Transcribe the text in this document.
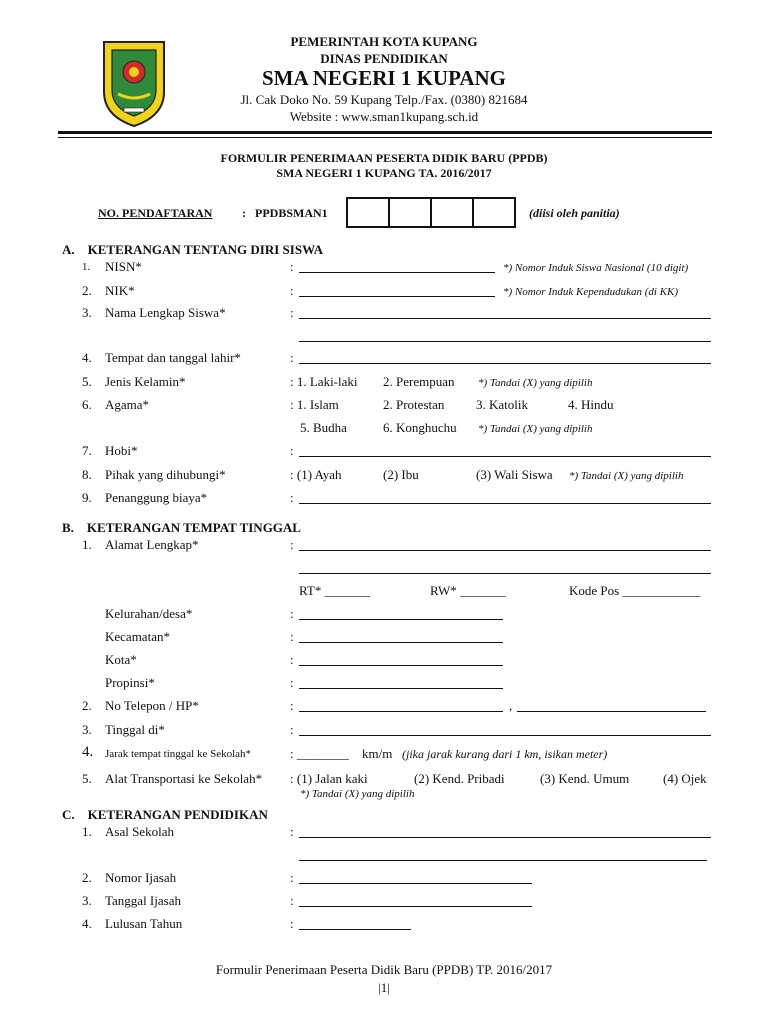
PEMERINTAH KOTA KUPANG
DINAS PENDIDIKAN
SMA NEGERI 1 KUPANG
Jl. Cak Doko No. 59 Kupang Telp./Fax. (0380) 821684
Website : www.sman1kupang.sch.id
FORMULIR PENERIMAAN PESERTA DIDIK BARU (PPDB)
SMA NEGERI 1 KUPANG TA. 2016/2017
NO. PENDAFTARAN : PPDBSMAN1	(diisi oleh panitia)
A. KETERANGAN TENTANG DIRI SISWA
1. NISN*	:	*) Nomor Induk Siswa Nasional (10 digit)
2. NIK*	:	*) Nomor Induk Kependudukan (di KK)
3. Nama Lengkap Siswa*	:
4. Tempat dan tanggal lahir*	:
5. Jenis Kelamin*	: 1. Laki-laki 2. Perempuan *) Tandai (X) yang dipilih
6. Agama*	: 1. Islam	2. Protestan 3. Katolik	4. Hindu
5. Budha	6. Konghuchu *) Tandai (X) yang dipilih
7. Hobi*	:
8. Pihak yang dihubungi*	: (1) Ayah	(2) Ibu	(3) Wali Siswa *) Tandai (X) yang dipilih
9. Penanggung biaya*	:
B. KETERANGAN TEMPAT TINGGAL
1. Alamat Lengkap*	:
RT* _______	RW* _______	Kode Pos ____________
Kelurahan/desa*	:
Kecamatan*	:
Kota*	:
Propinsi*	:
2. No Telepon / HP*	:	,
3. Tinggal di*	:
4. Jarak tempat tinggal ke Sekolah*	: ________ km/m (jika jarak kurang dari 1 km, isikan meter)
5. Alat Transportasi ke Sekolah* : (1) Jalan kaki	(2) Kend. Pribadi	(3) Kend. Umum	(4) Ojek
*) Tandai (X) yang dipilih
C. KETERANGAN PENDIDIKAN
1. Asal Sekolah	:
2. Nomor Ijasah	:
3. Tanggal Ijasah	:
4. Lulusan Tahun	:
Formulir Penerimaan Peserta Didik Baru (PPDB) TP. 2016/2017
|1|
